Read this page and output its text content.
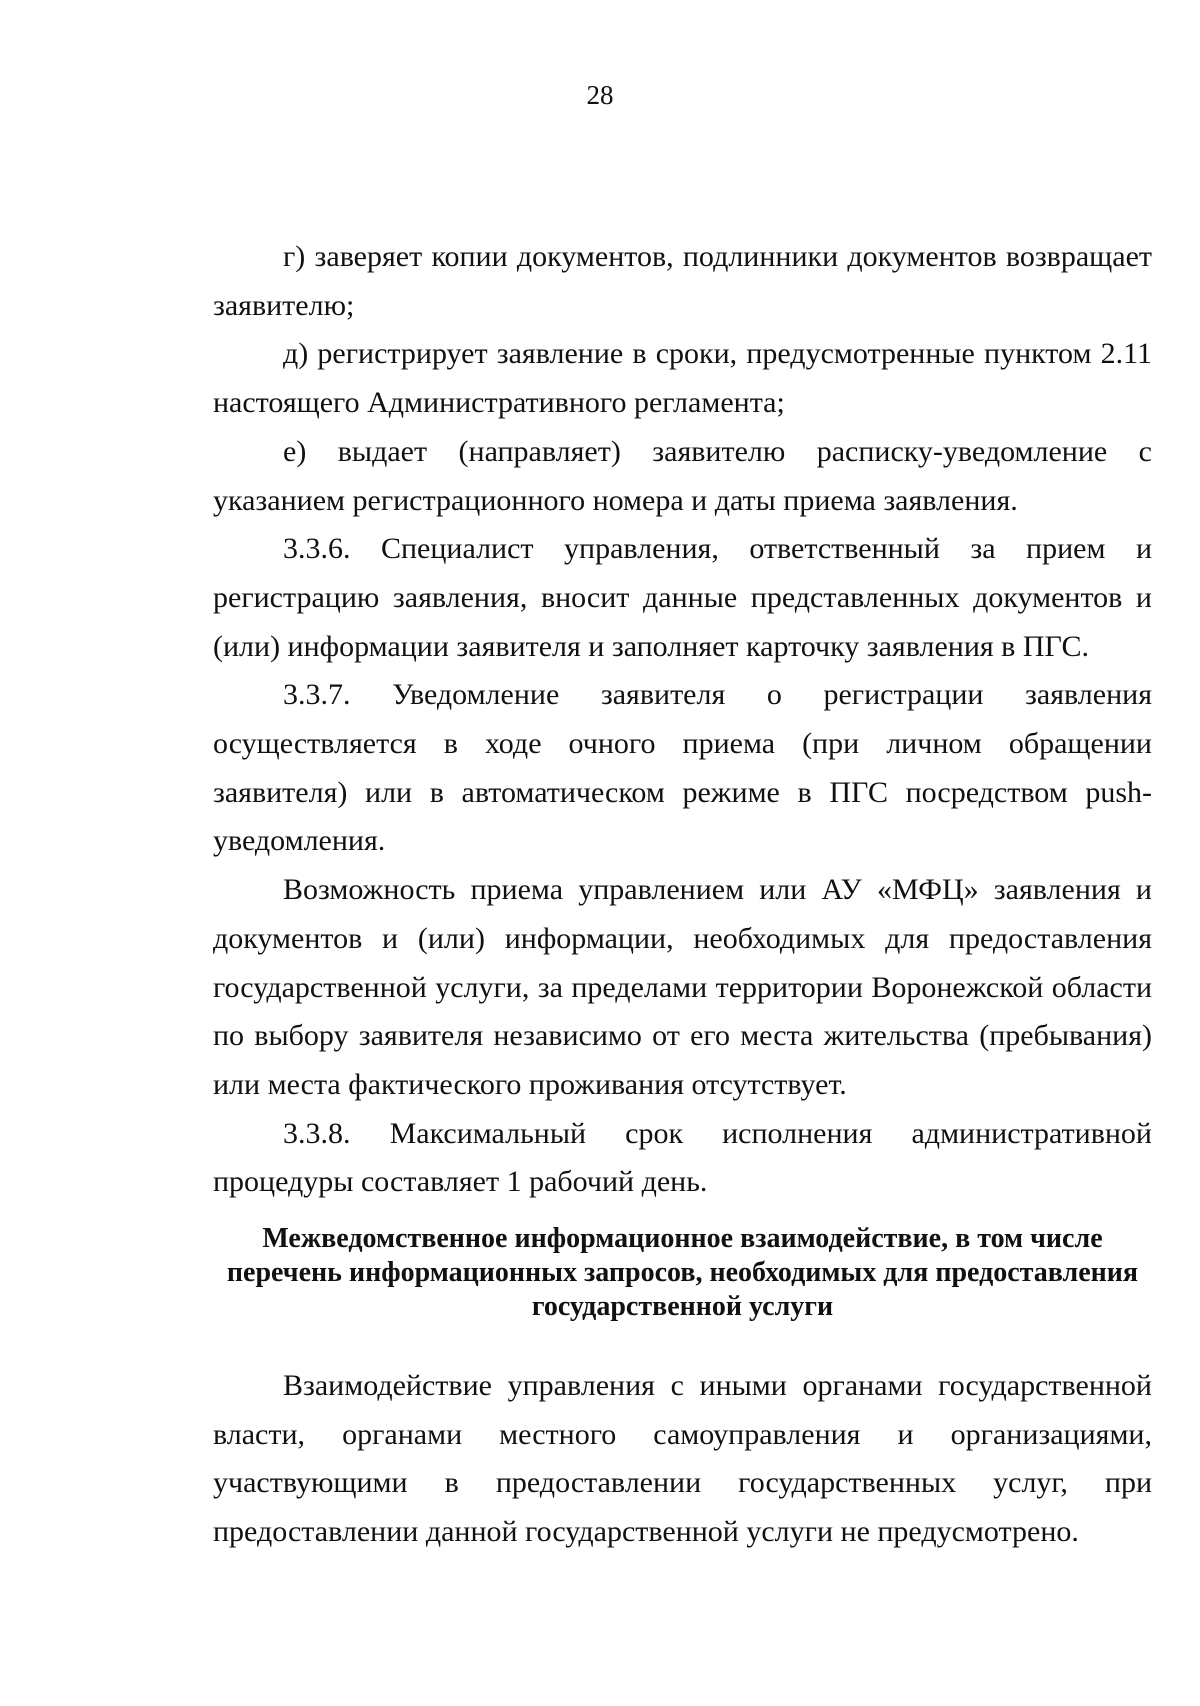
28

г) заверяет копии документов, подлинники документов возвращает заявителю;

д) регистрирует заявление в сроки, предусмотренные пунктом 2.11 настоящего Административного регламента;

е) выдает (направляет) заявителю расписку-уведомление с указанием регистрационного номера и даты приема заявления.

3.3.6. Специалист управления, ответственный за прием и регистрацию заявления, вносит данные представленных документов и (или) информации заявителя и заполняет карточку заявления в ПГС.

3.3.7. Уведомление заявителя о регистрации заявления осуществляется в ходе очного приема (при личном обращении заявителя) или в автоматическом режиме в ПГС посредством push-уведомления.

Возможность приема управлением или АУ «МФЦ» заявления и документов и (или) информации, необходимых для предоставления государственной услуги, за пределами территории Воронежской области по выбору заявителя независимо от его места жительства (пребывания) или места фактического проживания отсутствует.

3.3.8. Максимальный срок исполнения административной процедуры составляет 1 рабочий день.

Межведомственное информационное взаимодействие, в том числе
перечень информационных запросов, необходимых для предоставления
государственной услуги

Взаимодействие управления с иными органами государственной власти, органами местного самоуправления и организациями, участвующими в предоставлении государственных услуг, при предоставлении данной государственной услуги не предусмотрено.
